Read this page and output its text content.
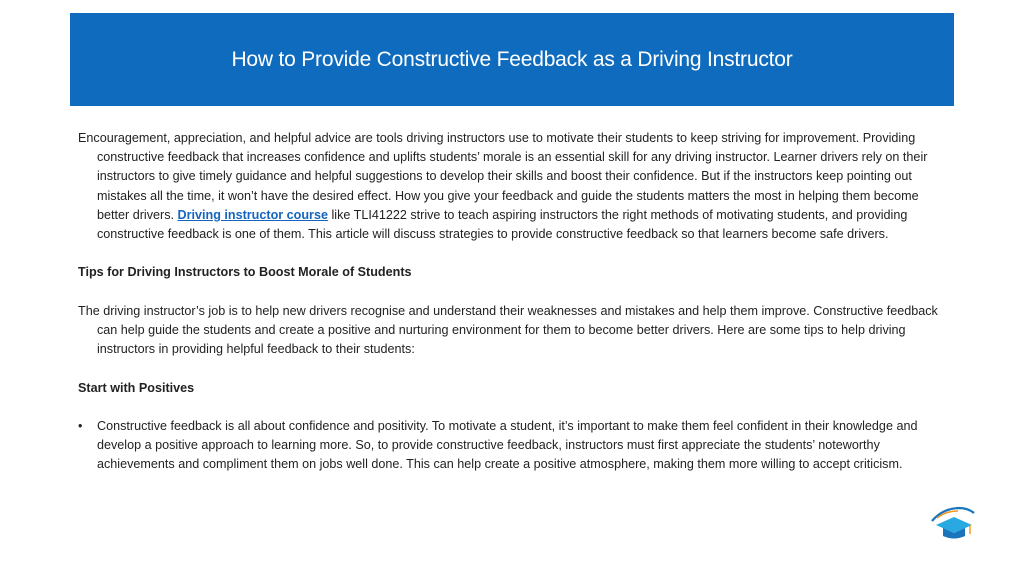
How to Provide Constructive Feedback as a Driving Instructor

Encouragement, appreciation, and helpful advice are tools driving instructors use to motivate their students to keep striving for improvement. Providing constructive feedback that increases confidence and uplifts students’ morale is an essential skill for any driving instructor. Learner drivers rely on their instructors to give timely guidance and helpful suggestions to develop their skills and boost their confidence. But if the instructors keep pointing out mistakes all the time, it won’t have the desired effect. How you give your feedback and guide the students matters the most in helping them become better drivers. Driving instructor course like TLI41222 strive to teach aspiring instructors the right methods of motivating students, and providing constructive feedback is one of them. This article will discuss strategies to provide constructive feedback so that learners become safe drivers.

Tips for Driving Instructors to Boost Morale of Students

The driving instructor’s job is to help new drivers recognise and understand their weaknesses and mistakes and help them improve. Constructive feedback can help guide the students and create a positive and nurturing environment for them to become better drivers. Here are some tips to help driving instructors in providing helpful feedback to their students:

Start with Positives

• Constructive feedback is all about confidence and positivity. To motivate a student, it’s important to make them feel confident in their knowledge and develop a positive approach to learning more. So, to provide constructive feedback, instructors must first appreciate the students’ noteworthy achievements and compliment them on jobs well done. This can help create a positive atmosphere, making them more willing to accept criticism.
